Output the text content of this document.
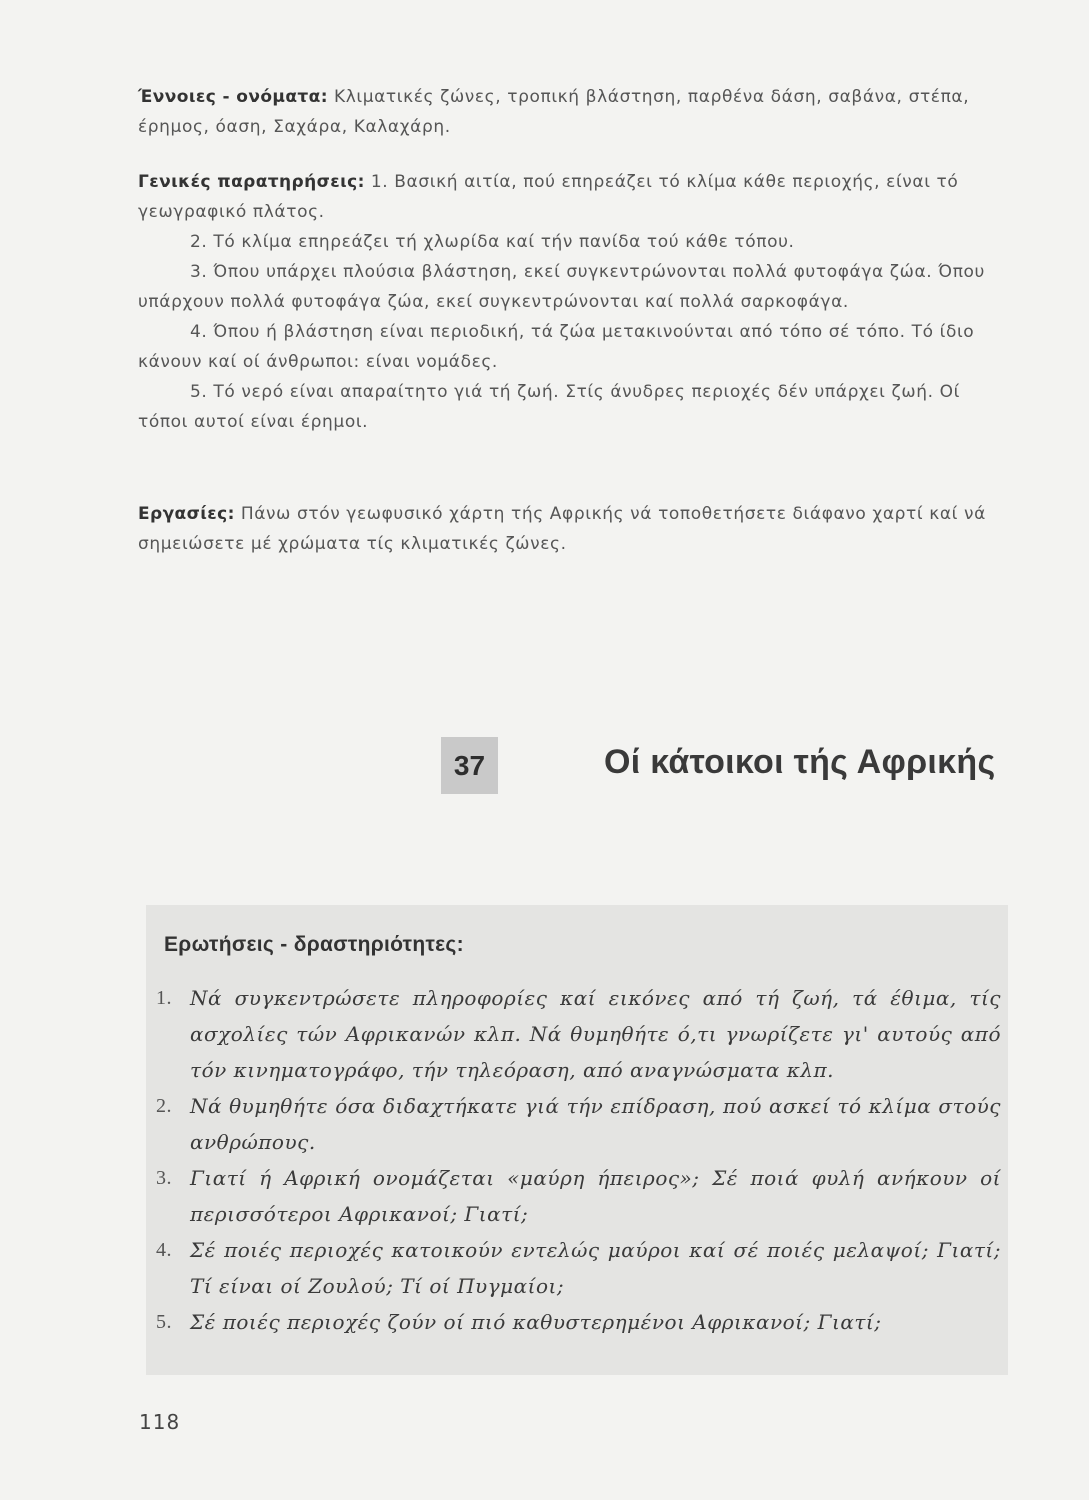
Έννοιες - ονόματα: Κλιματικές ζώνες, τροπική βλάστηση, παρθένα δάση, σαβάνα, στέπα, έρημος, όαση, Σαχάρα, Καλαχάρη.
Γενικές παρατηρήσεις: 1. Βασική αιτία, πού επηρεάζει τό κλίμα κάθε περιοχής, είναι τό γεωγραφικό πλάτος.
2. Τό κλίμα επηρεάζει τή χλωρίδα καί τήν πανίδα τού κάθε τόπου.
3. Όπου υπάρχει πλούσια βλάστηση, εκεί συγκεντρώνονται πολλά φυτοφάγα ζώα. Όπου υπάρχουν πολλά φυτοφάγα ζώα, εκεί συγκεντρώνονται καί πολλά σαρκοφάγα.
4. Όπου ή βλάστηση είναι περιοδική, τά ζώα μετακινούνται από τόπο σέ τόπο. Τό ίδιο κάνουν καί οί άνθρωποι: είναι νομάδες.
5. Τό νερό είναι απαραίτητο γιά τή ζωή. Στίς άνυδρες περιοχές δέν υπάρχει ζωή. Οί τόποι αυτοί είναι έρημοι.
Εργασίες: Πάνω στόν γεωφυσικό χάρτη τής Αφρικής νά τοποθετήσετε διάφανο χαρτί καί νά σημειώσετε μέ χρώματα τίς κλιματικές ζώνες.
37	Οί κάτοικοι τής Αφρικής
Ερωτήσεις - δραστηριότητες:
1. Νά συγκεντρώσετε πληροφορίες καί εικόνες από τή ζωή, τά έθιμα, τίς ασχολίες τών Αφρικανών κλπ. Νά θυμηθήτε ό,τι γνωρίζετε γι' αυτούς από τόν κινηματογράφο, τήν τηλεόραση, από αναγνώσματα κλπ.
2. Νά θυμηθήτε όσα διδαχτήκατε γιά τήν επίδραση, πού ασκεί τό κλίμα στούς ανθρώπους.
3. Γιατί ή Αφρική ονομάζεται «μαύρη ήπειρος»; Σέ ποιά φυλή ανήκουν οί περισσότεροι Αφρικανοί; Γιατί;
4. Σέ ποιές περιοχές κατοικούν εντελώς μαύροι καί σέ ποιές μελαψοί; Γιατί; Τί είναι οί Ζουλού; Τί οί Πυγμαίοι;
5. Σέ ποιές περιοχές ζούν οί πιό καθυστερημένοι Αφρικανοί; Γιατί;
118
